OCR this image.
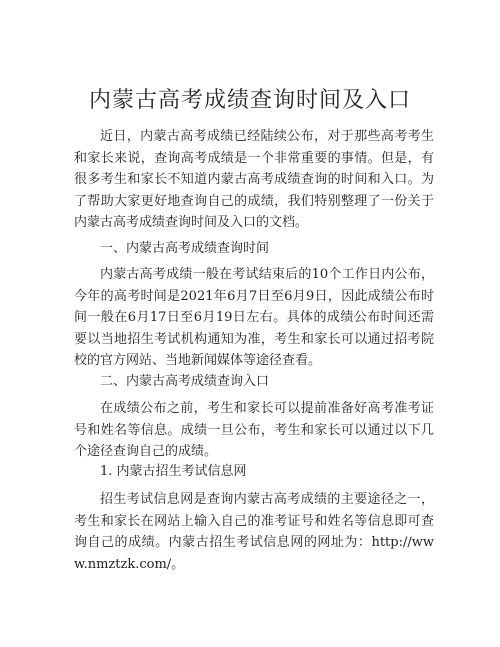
内蒙古高考成绩查询时间及入口

近日，内蒙古高考成绩已经陆续公布，对于那些高考考生和家长来说，查询高考成绩是一个非常重要的事情。但是，有很多考生和家长不知道内蒙古高考成绩查询的时间和入口。为了帮助大家更好地查询自己的成绩，我们特别整理了一份关于内蒙古高考成绩查询时间及入口的文档。

一、内蒙古高考成绩查询时间

内蒙古高考成绩一般在考试结束后的10个工作日内公布，今年的高考时间是2021年6月7日至6月9日，因此成绩公布时间一般在6月17日至6月19日左右。具体的成绩公布时间还需要以当地招生考试机构通知为准，考生和家长可以通过招考院校的官方网站、当地新闻媒体等途径查看。

二、内蒙古高考成绩查询入口

在成绩公布之前，考生和家长可以提前准备好高考准考证号和姓名等信息。成绩一旦公布，考生和家长可以通过以下几个途径查询自己的成绩。

1. 内蒙古招生考试信息网

招生考试信息网是查询内蒙古高考成绩的主要途径之一，考生和家长在网站上输入自己的准考证号和姓名等信息即可查询自己的成绩。内蒙古招生考试信息网的网址为：http://www.nmztzk.com/。
